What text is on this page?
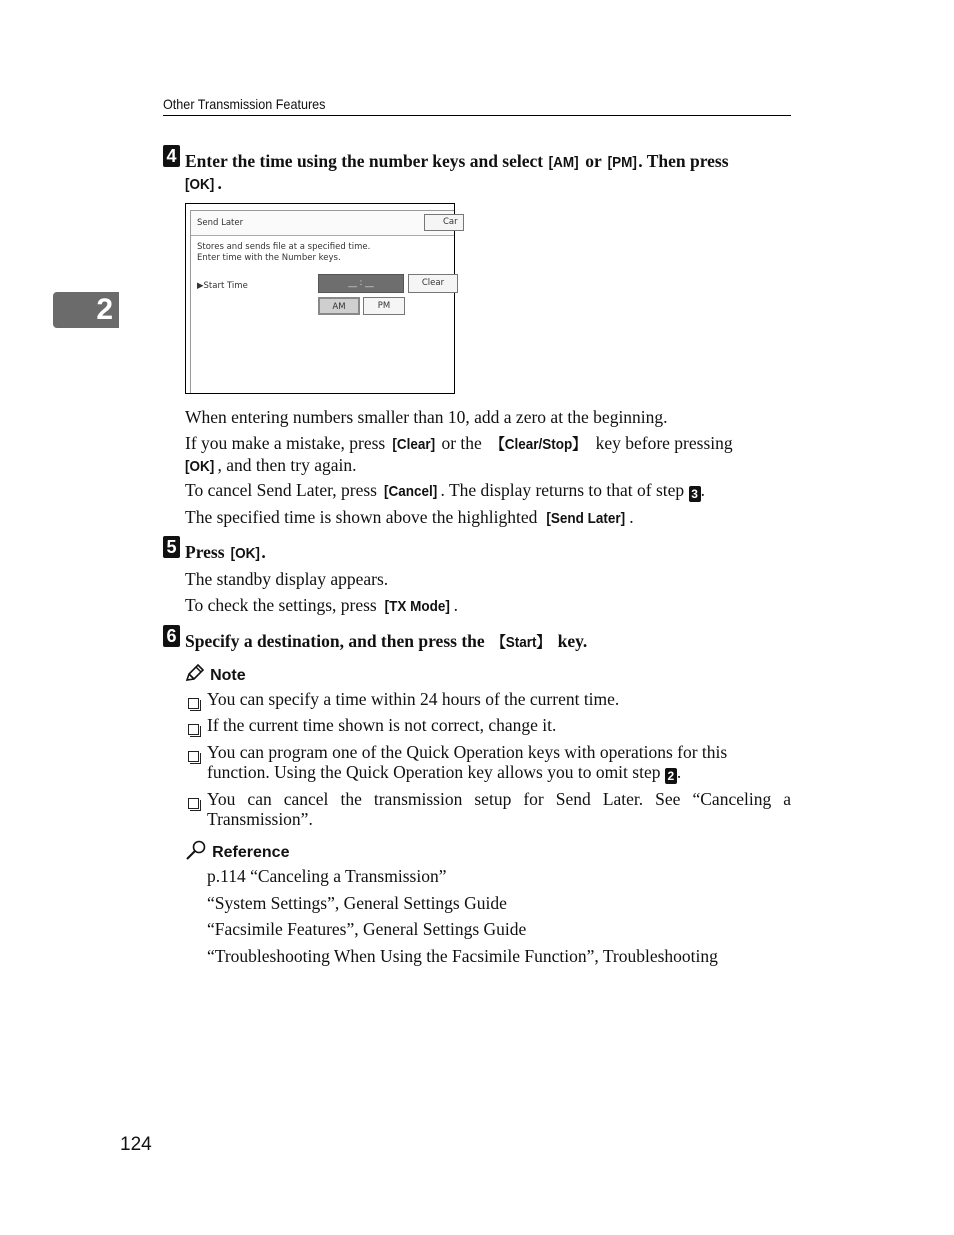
Other Transmission Features
2
4 Enter the time using the number keys and select [AM] or [PM]. Then press
[OK] .
Send Later	Car
Stores and sends file at a specified time.
Enter time with the Number keys.
▶Start Time	__ : __	Clear
AM	PM
When entering numbers smaller than 10, add a zero at the beginning.
If you make a mistake, press [Clear] or the 【Clear/Stop】 key before pressing
[OK] , and then try again.
To cancel Send Later, press [Cancel] . The display returns to that of step 3 .
The specified time is shown above the highlighted [Send Later] .
5 Press [OK].
The standby display appears.
To check the settings, press [TX Mode] .
6 Specify a destination, and then press the 【Start】 key.
Note
You can specify a time within 24 hours of the current time.
If the current time shown is not correct, change it.
You can program one of the Quick Operation keys with operations for this
function. Using the Quick Operation key allows you to omit step 2 .
You can cancel the transmission setup for Send Later. See “Canceling a
Transmission”.
Reference
p.114 “Canceling a Transmission”
“System Settings”, General Settings Guide
“Facsimile Features”, General Settings Guide
“Troubleshooting When Using the Facsimile Function”, Troubleshooting
124
